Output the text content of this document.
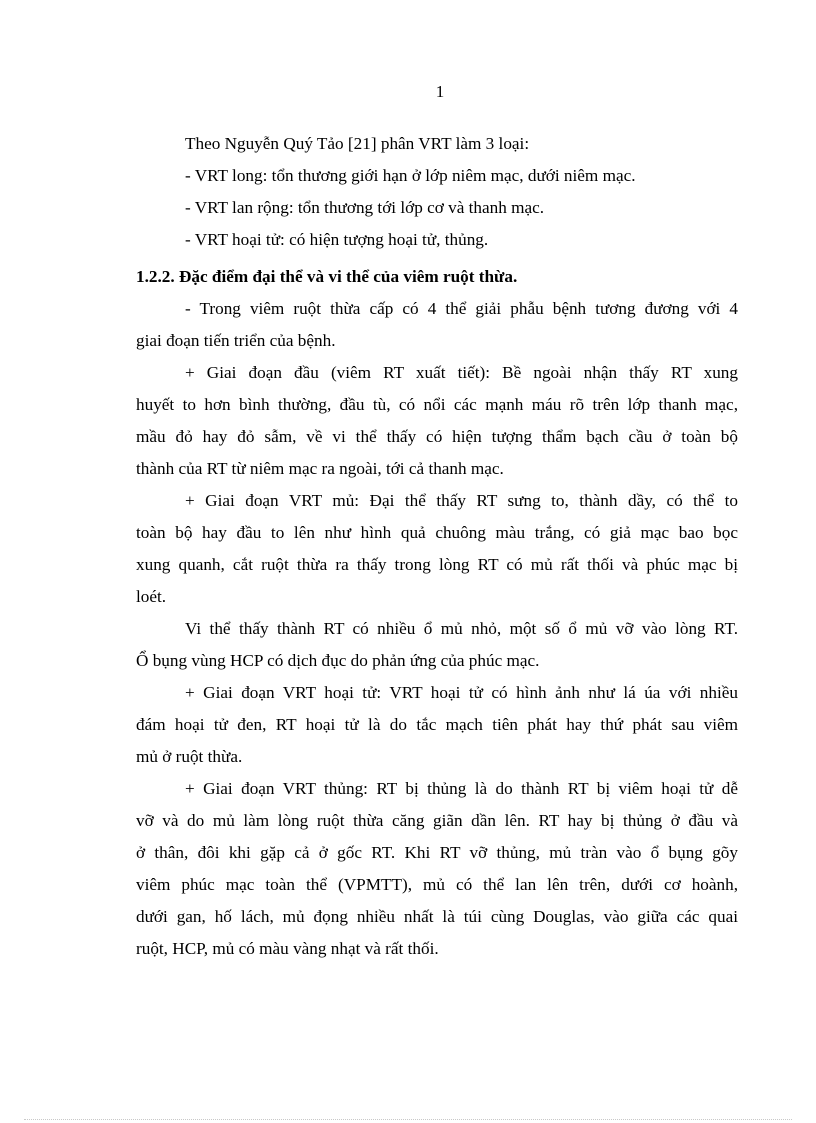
1
Theo Nguyễn Quý Tảo [21] phân VRT làm 3 loại:
- VRT long: tổn thương giới hạn ở lớp niêm mạc, dưới niêm mạc.
- VRT lan rộng: tổn thương tới lớp cơ và thanh mạc.
- VRT hoại tử: có hiện tượng hoại tử, thủng.
1.2.2. Đặc điểm đại thể và vi thể của viêm ruột thừa.
- Trong viêm ruột thừa cấp có 4 thể giải phẫu bệnh tương đương với 4
giai đoạn tiến triển của bệnh.
+ Giai đoạn đầu (viêm RT xuất tiết): Bề ngoài nhận thấy RT xung
huyết to hơn bình thường, đầu tù, có nổi các mạnh máu rõ trên lớp thanh mạc,
mầu đỏ hay đỏ sẫm, về vi thể thấy có hiện tượng thẩm bạch cầu ở toàn bộ
thành của RT từ niêm mạc ra ngoài, tới cả thanh mạc.
+ Giai đoạn VRT mủ: Đại thể thấy RT sưng to, thành dầy, có thể to
toàn bộ hay đầu to lên như hình quả chuông màu trắng, có giả mạc bao bọc
xung quanh, cắt ruột thừa ra thấy trong lòng RT có mủ rất thối và phúc mạc bị
loét.
Vi thể thấy thành RT có nhiều ổ mủ nhỏ, một số ổ mủ vỡ vào lòng RT.
Ổ bụng vùng HCP có dịch đục do phản ứng của phúc mạc.
+ Giai đoạn VRT hoại tử: VRT hoại tử có hình ảnh như lá úa với nhiều
đám hoại tử đen, RT hoại tử là do tắc mạch tiên phát hay thứ phát sau viêm
mủ ở ruột thừa.
+ Giai đoạn VRT thủng: RT bị thủng là do thành RT bị viêm hoại tử dễ
vỡ và do mủ làm lòng ruột thừa căng giãn dần lên. RT hay bị thủng ở đầu và
ở thân, đôi khi gặp cả ở gốc RT. Khi RT vỡ thủng, mủ tràn vào ổ bụng gõy
viêm phúc mạc toàn thể (VPMTT), mủ có thể lan lên trên, dưới cơ hoành,
dưới gan, hố lách, mủ đọng nhiều nhất là túi cùng Douglas, vào giữa các quai
ruột, HCP, mủ có màu vàng nhạt và rất thối.
